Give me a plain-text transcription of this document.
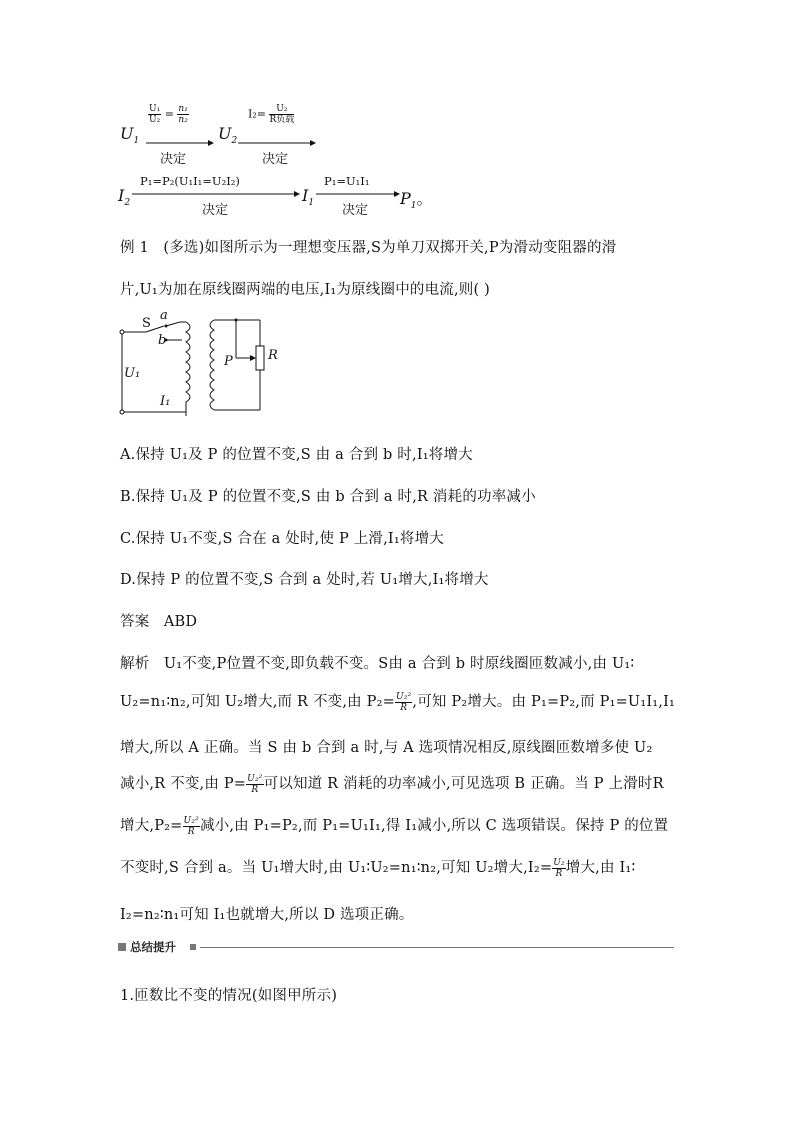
$U_1$
$\frac{\text{U₁}}{\text{U₂}} = \frac{\text{n₁}}{\text{n₂}}$
决定
$U_2$
$I_2= \frac{\text{U₂}}{\text{R负载}}$
决定
$I_2$
P₁=P₂(U₁I₁=U₂I₂)
决定
$I_1$
P₁=U₁I₁
决定
$P_1$。
例 1 (多选)如图所示为一理想变压器,S为单刀双掷开关,P为滑动变阻器的滑
片,U₁为加在原线圈两端的电压,I₁为原线圈中的电流,则( )
S
a
b
U₁
I₁
P	R
A.保持 U₁及 P 的位置不变,S 由 a 合到 b 时,I₁将增大
B.保持 U₁及 P 的位置不变,S 由 b 合到 a 时,R 消耗的功率减小
C.保持 U₁不变,S 合在 a 处时,使 P 上滑,I₁将增大
D.保持 P 的位置不变,S 合到 a 处时,若 U₁增大,I₁将增大
答案 ABD
解析 U₁不变,P位置不变,即负载不变。S由 a 合到 b 时原线圈匝数减小,由 U₁∶
U₂=n₁∶n₂,可知 U₂增大,而 R 不变,由 $P_2= \frac{\text{U₂²}}{R}$ ,可知 P₂增大。由 P₁=P₂,而 P₁=U₁I₁,I₁
增大,所以 A 正确。当 S 由 b 合到 a 时,与 A 选项情况相反,原线圈匝数增多使 U₂
减小,R 不变,由 $P= \frac{\text{U₂²}}{R}$ 可以知道 R 消耗的功率减小,可见选项 B 正确。当 P 上滑时R
增大$,P_2= \frac{\text{U₂²}}{R}$ 减小,由 P₁=P₂,而 P₁=U₁I₁,得 I₁减小,所以 C 选项错误。保持 P 的位置
不变时,S 合到 a。当 U₁增大时,由 U₁∶U₂=n₁∶n₂,可知 U₂增大$,I_2= \frac{\text{U₂}}{R}$ 增大,由 I₁∶
I₂=n₂∶n₁可知 I₁也就增大,所以 D 选项正确。
总结提升
1.匝数比不变的情况(如图甲所示)
